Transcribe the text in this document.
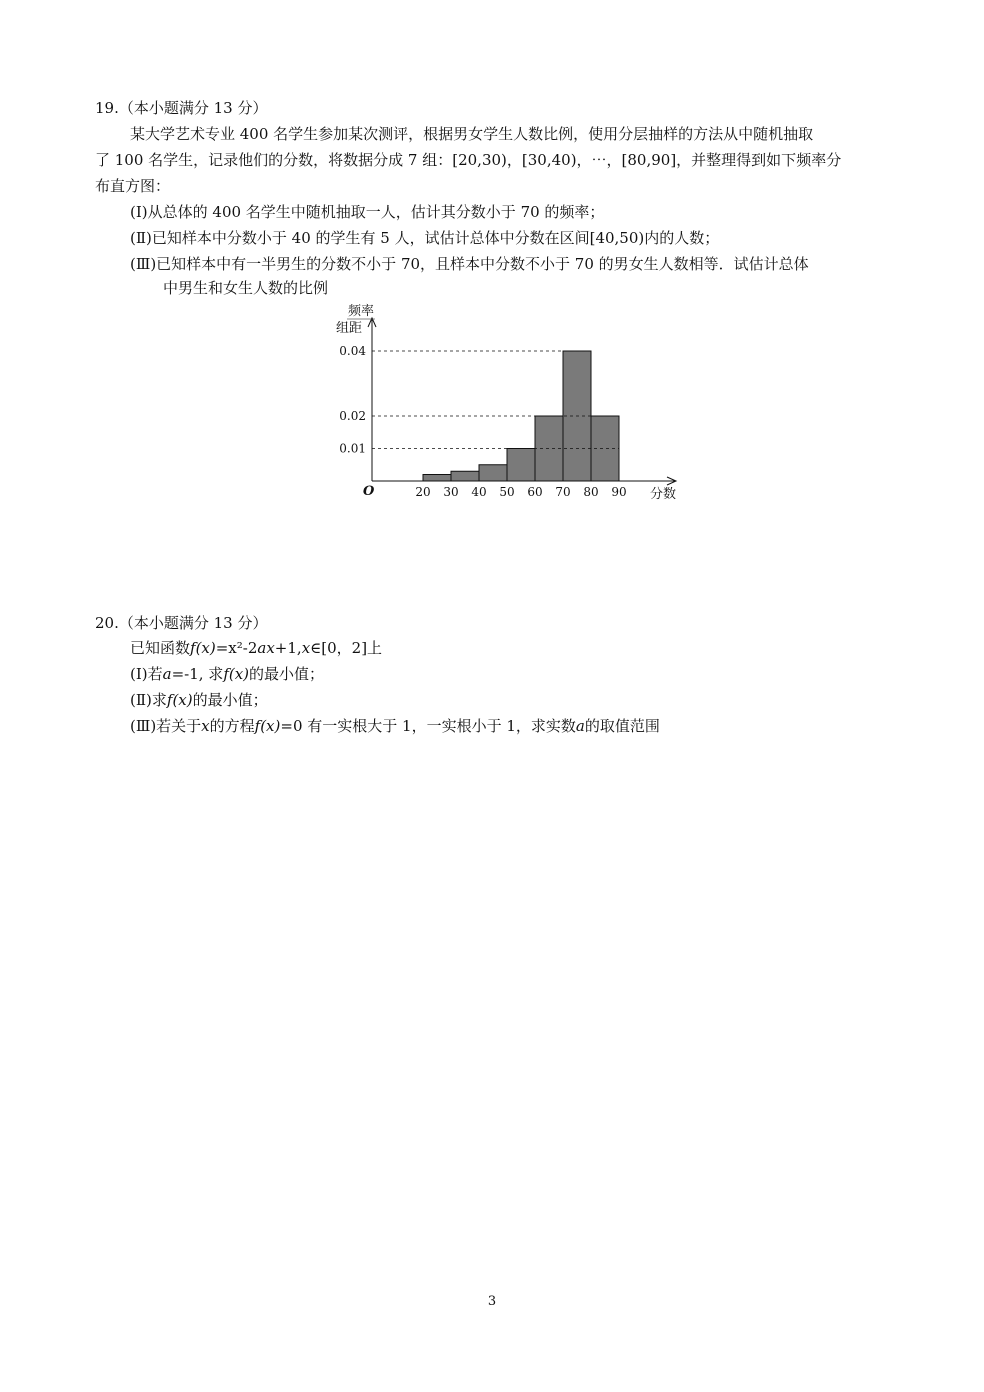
19.（本小题满分 13 分）
某大学艺术专业 400 名学生参加某次测评，根据男女学生人数比例，使用分层抽样的方法从中随机抽取
了 100 名学生，记录他们的分数，将数据分成 7 组：[20,30)，[30,40)，⋯，[80,90]，并整理得到如下频率分
布直方图：
(Ⅰ)从总体的 400 名学生中随机抽取一人，估计其分数小于 70 的频率；
(Ⅱ)已知样本中分数小于 40 的学生有 5 人，试估计总体中分数在区间[40,50)内的人数；
(Ⅲ)已知样本中有一半男生的分数不小于 70，且样本中分数不小于 70 的男女生人数相等．试估计总体
中男生和女生人数的比例
频率
组距
O	分数
0.01
0.02
0.04
20 30 40 50 60 70 80 90
20.（本小题满分 13 分）
已知函数f(x)=x²-2ax+1,x∈[0，2]上
(Ⅰ)若a=-1, 求f(x)的最小值；
(Ⅱ)求f(x)的最小值；
(Ⅲ)若关于x的方程f(x)=0 有一实根大于 1，一实根小于 1，求实数a的取值范围
3
